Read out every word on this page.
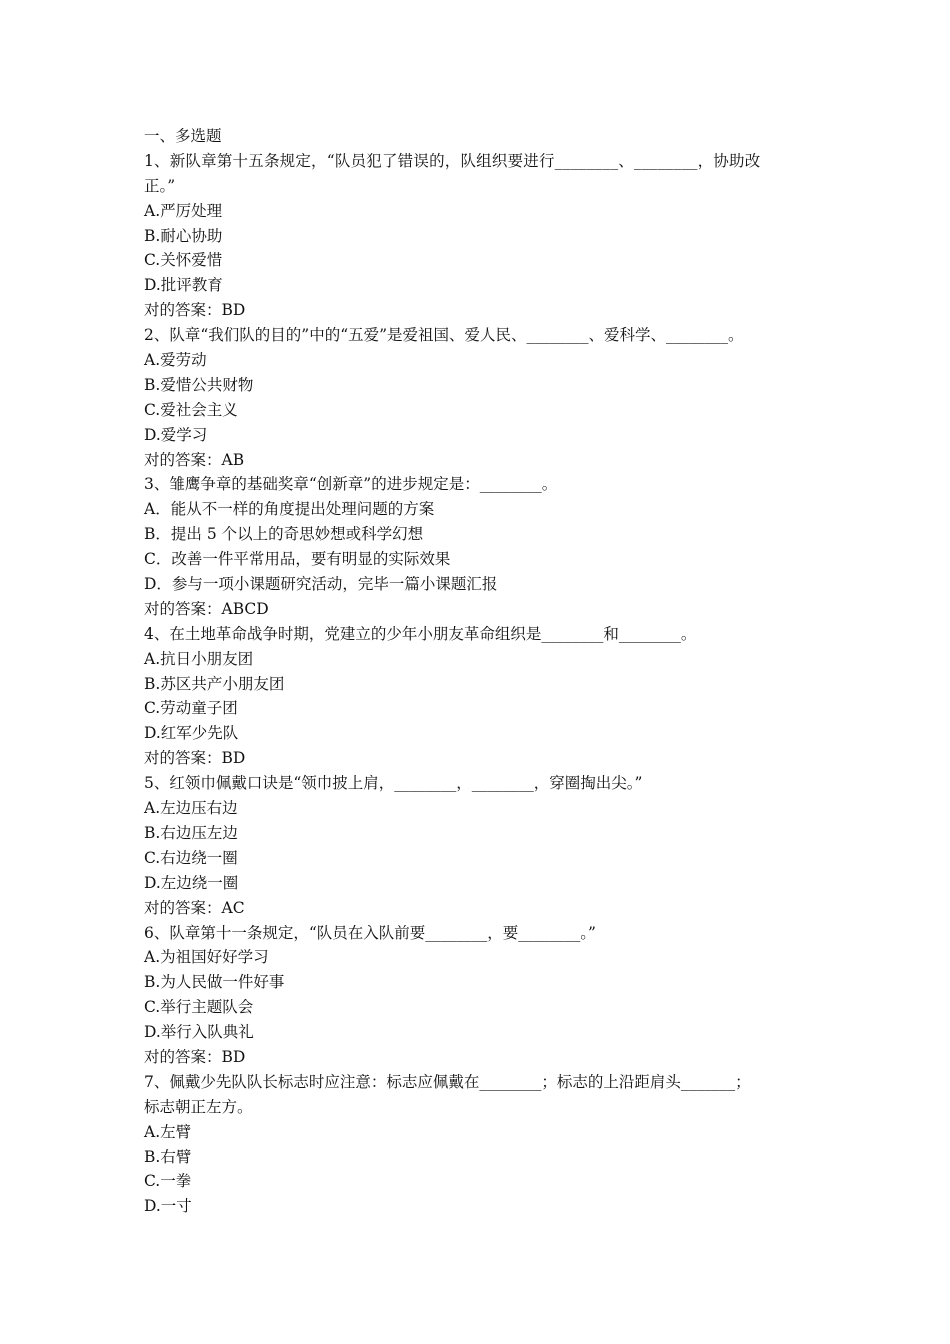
一、多选题
1、新队章第十五条规定，“队员犯了错误的，队组织要进行________、________，协助改
正。”
A.严厉处理
B.耐心协助
C.关怀爱惜
D.批评教育
对的答案：BD
2、队章“我们队的目的”中的“五爱”是爱祖国、爱人民、________、爱科学、________。
A.爱劳动
B.爱惜公共财物
C.爱社会主义
D.爱学习
对的答案：AB
3、雏鹰争章的基础奖章“创新章”的进步规定是：________。
A．能从不一样的角度提出处理问题的方案
B．提出 5 个以上的奇思妙想或科学幻想
C．改善一件平常用品，要有明显的实际效果
D．参与一项小课题研究活动，完毕一篇小课题汇报
对的答案：ABCD
4、在土地革命战争时期，党建立的少年小朋友革命组织是________和________。
A.抗日小朋友团
B.苏区共产小朋友团
C.劳动童子团
D.红军少先队
对的答案：BD
5、红领巾佩戴口诀是“领巾披上肩，________，________，穿圈掏出尖。”
A.左边压右边
B.右边压左边
C.右边绕一圈
D.左边绕一圈
对的答案：AC
6、队章第十一条规定，“队员在入队前要________，要________。”
A.为祖国好好学习
B.为人民做一件好事
C.举行主题队会
D.举行入队典礼
对的答案：BD
7、佩戴少先队队长标志时应注意：标志应佩戴在________；标志的上沿距肩头_______；
标志朝正左方。
A.左臂
B.右臂
C.一拳
D.一寸
